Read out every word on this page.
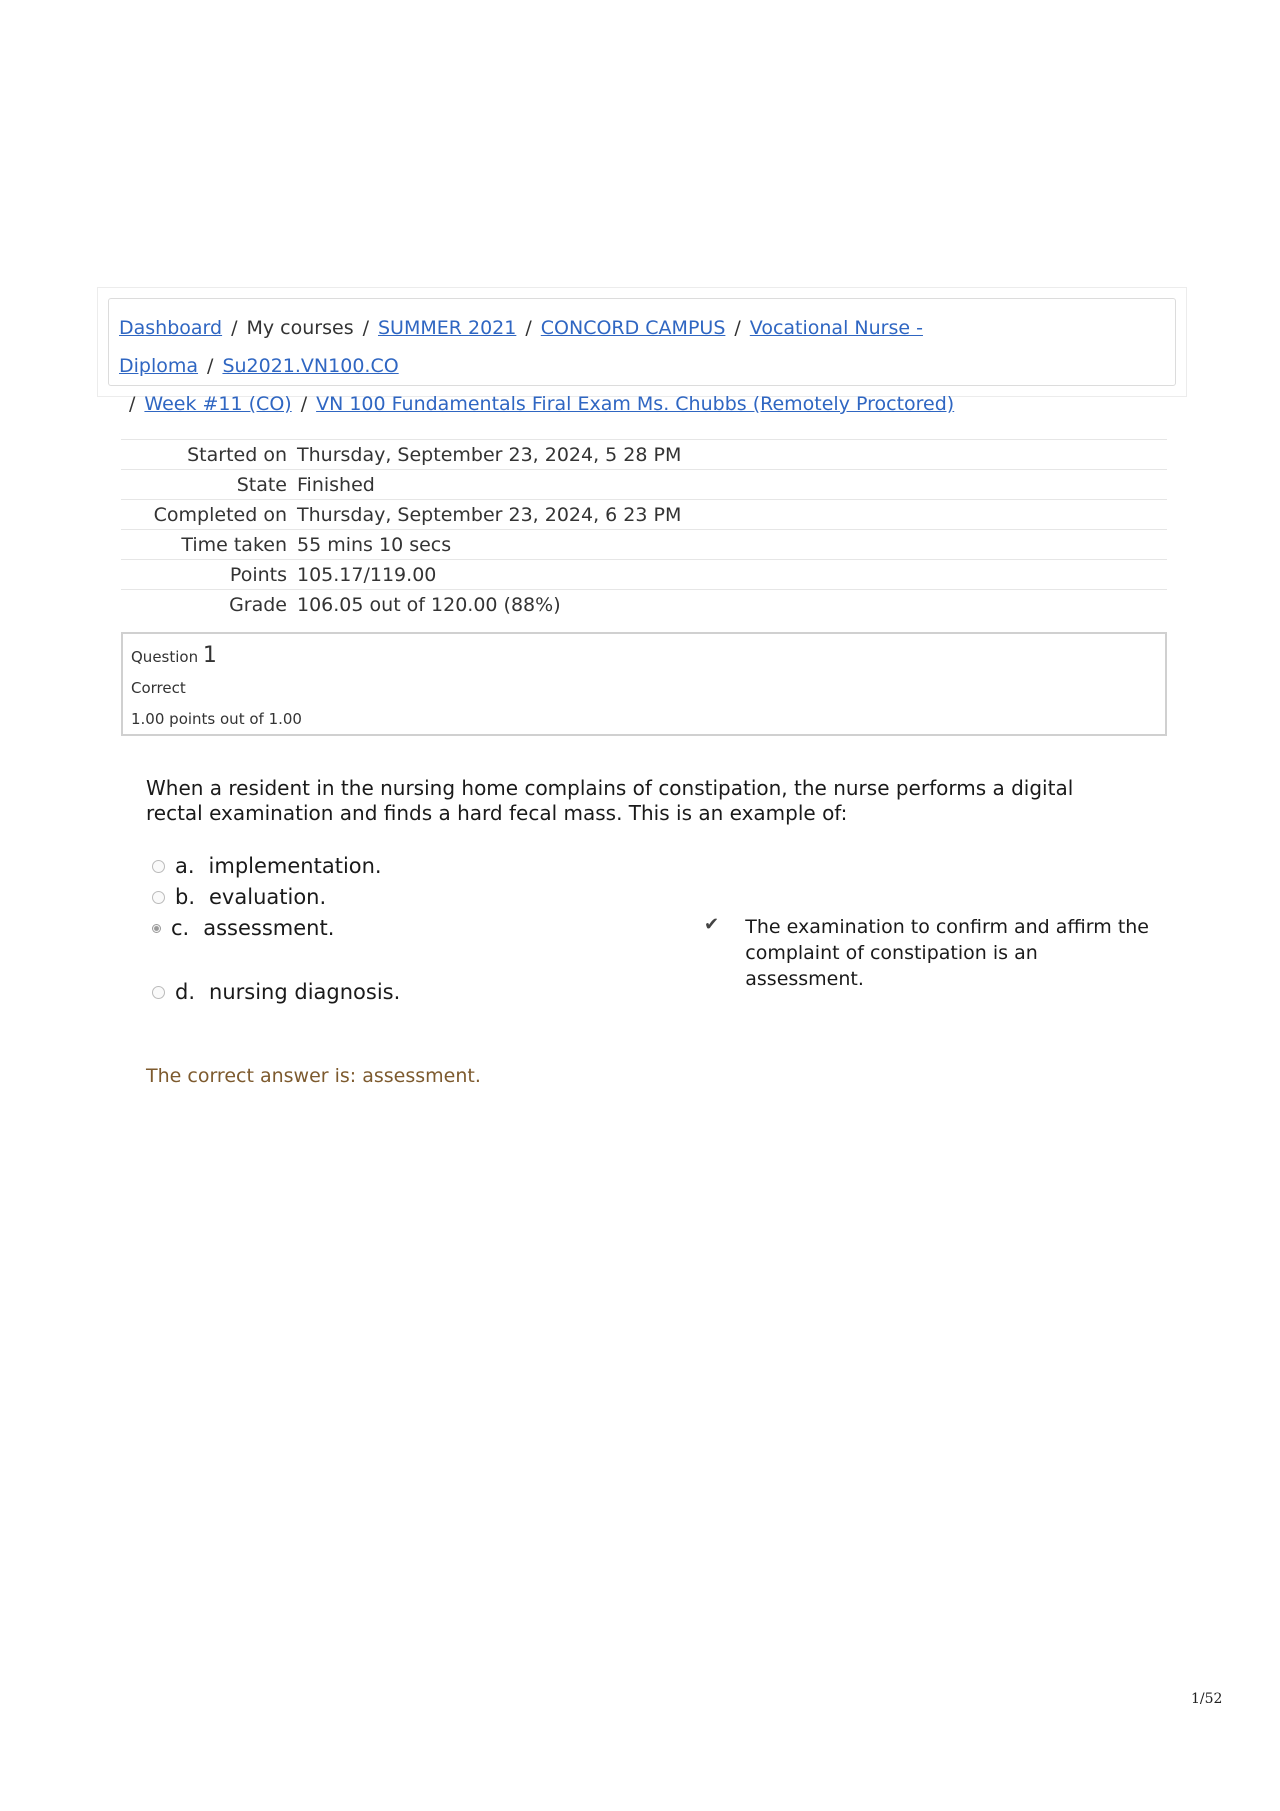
Dashboard / My courses / SUMMER 2021 / CONCORD CAMPUS / Vocational Nurse - Diploma / Su2021.VN100.CO
/ Week #11 (CO) / VN 100 Fundamentals Firаl Exam Ms. Chubbs (Remotely Proctored)
Started on Thursday, September 23, 2024, 5 28 PM
State Finished
Completed on Thursday, September 23, 2024, 6 23 PM
Time taken 55 mins 10 secs
Points 105.17/119.00
Grade 106.05 out of 120.00 (88%)
Question 1
Correct
1.00 points out of 1.00
When a resident in the nursing home complains of constipation, the nurse performs a digital rectal examination and finds a hard fecal mass. This is an example of:
a. implementation.
b. evaluation.
c. assessment.
d. nursing diagnosis.
✔	The examination to confirm and affirm the
complaint of constipation is an assessment.
The correct answer is: assessment.
1/52
